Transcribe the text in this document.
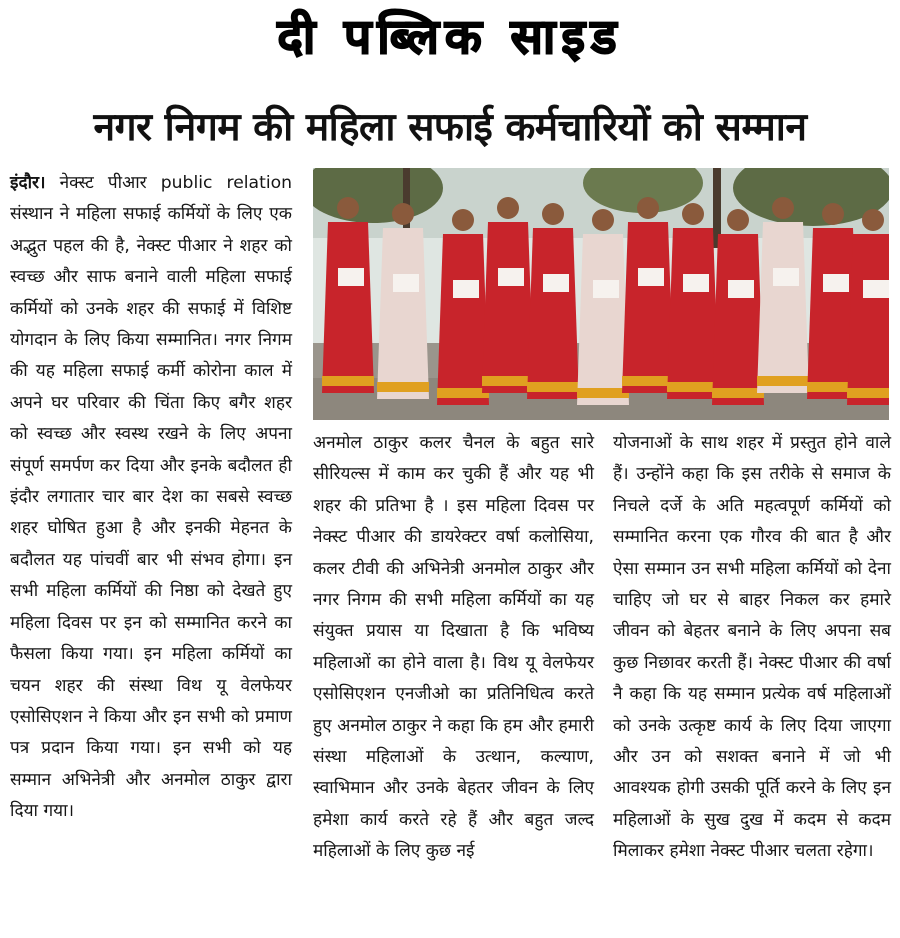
दी पब्लिक साइड
नगर निगम की महिला सफाई कर्मचारियों को सम्मान
इंदौर। नेक्स्ट पीआर public relation संस्थान ने महिला सफाई कर्मियों के लिए एक अद्भुत पहल की है, नेक्स्ट पीआर ने शहर को स्वच्छ और साफ बनाने वाली महिला सफाई कर्मियों को उनके शहर की सफाई में विशिष्ट योगदान के लिए किया सम्मानित। नगर निगम की यह महिला सफाई कर्मी कोरोना काल में अपने घर परिवार की चिंता किए बगैर शहर को स्वच्छ और स्वस्थ रखने के लिए अपना संपूर्ण समर्पण कर दिया और इनके बदौलत ही इंदौर लगातार चार बार देश का सबसे स्वच्छ शहर घोषित हुआ है और इनकी मेहनत के बदौलत यह पांचवीं बार भी संभव होगा। इन सभी महिला कर्मियों की निष्ठा को देखते हुए महिला दिवस पर इन को सम्मानित करने का फैसला किया गया। इन महिला कर्मियों का चयन शहर की संस्था विथ यू वेलफेयर एसोसिएशन ने किया और इन सभी को प्रमाण पत्र प्रदान किया गया। इन सभी को यह सम्मान अभिनेत्री और अनमोल ठाकुर द्वारा दिया गया।
अनमोल ठाकुर कलर चैनल के बहुत सारे सीरियल्स में काम कर चुकी हैं और यह भी शहर की प्रतिभा है । इस महिला दिवस पर नेक्स्ट पीआर की डायरेक्टर वर्षा कलोसिया, कलर टीवी की अभिनेत्री अनमोल ठाकुर और नगर निगम की सभी महिला कर्मियों का यह संयुक्त प्रयास या दिखाता है कि भविष्य महिलाओं का होने वाला है। विथ यू वेलफेयर एसोसिएशन एनजीओ का प्रतिनिधित्व करते हुए अनमोल ठाकुर ने कहा कि हम और हमारी संस्था महिलाओं के उत्थान, कल्याण, स्वाभिमान और उनके बेहतर जीवन के लिए हमेशा कार्य करते रहे हैं और बहुत जल्द महिलाओं के लिए कुछ नई
योजनाओं के साथ शहर में प्रस्तुत होने वाले हैं। उन्होंने कहा कि इस तरीके से समाज के निचले दर्जे के अति महत्वपूर्ण कर्मियों को सम्मानित करना एक गौरव की बात है और ऐसा सम्मान उन सभी महिला कर्मियों को देना चाहिए जो घर से बाहर निकल कर हमारे जीवन को बेहतर बनाने के लिए अपना सब कुछ निछावर करती हैं। नेक्स्ट पीआर की वर्षा नै कहा कि यह सम्मान प्रत्येक वर्ष महिलाओं को उनके उत्कृष्ट कार्य के लिए दिया जाएगा और उन को सशक्त बनाने में जो भी आवश्यक होगी उसकी पूर्ति करने के लिए इन महिलाओं के सुख दुख में कदम से कदम मिलाकर हमेशा नेक्स्ट पीआर चलता रहेगा।
